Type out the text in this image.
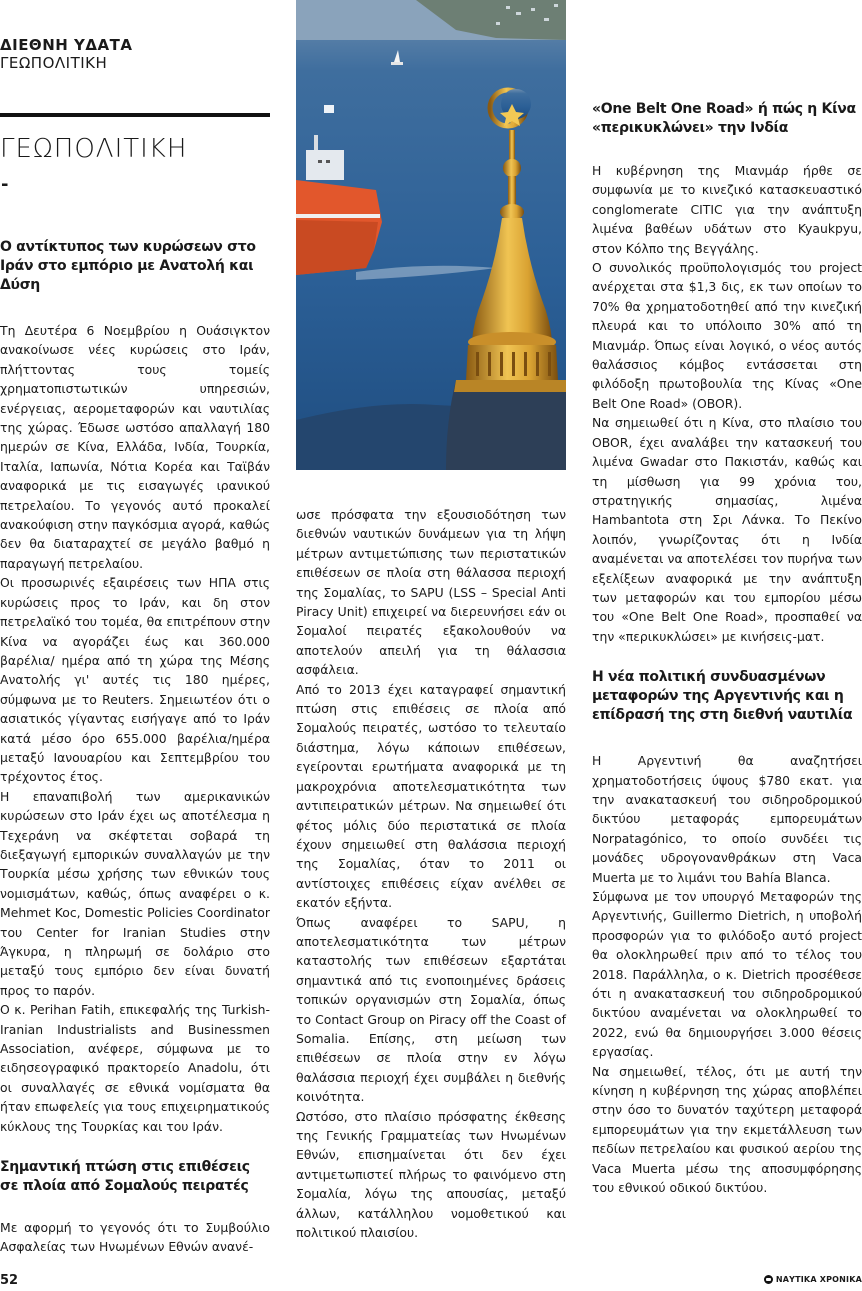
ΔΙΕΘΝΗ ΥΔΑΤΑ
ΓΕΩΠΟΛΙΤΙΚΗ
ΓΕΩΠΟΛΙΤΙΚΗ
-
Ο αντίκτυπος των κυρώσεων στο Ιράν στο εμπόριο με Ανατολή και Δύση

Τη Δευτέρα 6 Νοεμβρίου η Ουάσιγκτον ανακοίνωσε νέες κυρώσεις στο Ιράν, πλήττοντας τους τομείς χρηματοπιστωτικών υπηρεσιών, ενέργειας, αερομεταφορών και ναυτιλίας της χώρας. Έδωσε ωστόσο απαλλαγή 180 ημερών σε Κίνα, Ελλάδα, Ινδία, Τουρκία, Ιταλία, Ιαπωνία, Νότια Κορέα και Ταϊβάν αναφορικά με τις εισαγωγές ιρανικού πετρελαίου. Το γεγονός αυτό προκαλεί ανακούφιση στην παγκόσμια αγορά, καθώς δεν θα διαταραχτεί σε μεγάλο βαθμό η παραγωγή πετρελαίου.

Οι προσωρινές εξαιρέσεις των ΗΠΑ στις κυρώσεις προς το Ιράν, και δη στον πετρελαϊκό του τομέα, θα επιτρέπουν στην Κίνα να αγοράζει έως και 360.000 βαρέλια/ ημέρα από τη χώρα της Μέσης Ανατολής γι' αυτές τις 180 ημέρες, σύμφωνα με το Reuters. Σημειωτέον ότι ο ασιατικός γίγαντας εισήγαγε από το Ιράν κατά μέσο όρο 655.000 βαρέλια/ημέρα μεταξύ Ιανουαρίου και Σεπτεμβρίου του τρέχοντος έτος.

Η επαναπιβολή των αμερικανικών κυρώσεων στο Ιράν έχει ως αποτέλεσμα η Τεχεράνη να σκέφτεται σοβαρά τη διεξαγωγή εμπορικών συναλλαγών με την Τουρκία μέσω χρήσης των εθνικών τους νομισμάτων, καθώς, όπως αναφέρει ο κ. Mehmet Koc, Domestic Policies Coordinator του Center for Iranian Studies στην Άγκυρα, η πληρωμή σε δολάριο στο μεταξύ τους εμπόριο δεν είναι δυνατή προς το παρόν.

Ο κ. Perihan Fatih, επικεφαλής της Turkish-Iranian Industrialists and Businessmen Association, ανέφερε, σύμφωνα με το ειδησεογραφικό πρακτορείο Anadolu, ότι οι συναλλαγές σε εθνικά νομίσματα θα ήταν επωφελείς για τους επιχειρηματικούς κύκλους της Τουρκίας και του Ιράν.

Σημαντική πτώση στις επιθέσεις σε πλοία από Σομαλούς πειρατές

Με αφορμή το γεγονός ότι το Συμβούλιο Ασφαλείας των Ηνωμένων Εθνών ανανέ-

ωσε πρόσφατα την εξουσιοδότηση των διεθνών ναυτικών δυνάμεων για τη λήψη μέτρων αντιμετώπισης των περιστατικών επιθέσεων σε πλοία στη θάλασσα περιοχή της Σομαλίας, το SAPU (LSS – Special Anti Piracy Unit) επιχειρεί να διερευνήσει εάν οι Σομαλοί πειρατές εξακολουθούν να αποτελούν απειλή για τη θάλασσια ασφάλεια.

Από το 2013 έχει καταγραφεί σημαντική πτώση στις επιθέσεις σε πλοία από Σομαλούς πειρατές, ωστόσο το τελευταίο διάστημα, λόγω κάποιων επιθέσεων, εγείρονται ερωτήματα αναφορικά με τη μακροχρόνια αποτελεσματικότητα των αντιπειρατικών μέτρων. Να σημειωθεί ότι φέτος μόλις δύο περιστατικά σε πλοία έχουν σημειωθεί στη θαλάσσια περιοχή της Σομαλίας, όταν το 2011 οι αντίστοιχες επιθέσεις είχαν ανέλθει σε εκατόν εξήντα.

Όπως αναφέρει το SAPU, η αποτελεσματικότητα των μέτρων καταστολής των επιθέσεων εξαρτάται σημαντικά από τις ενοποιημένες δράσεις τοπικών οργανισμών στη Σομαλία, όπως το Contact Group on Piracy off the Coast of Somalia. Επίσης, στη μείωση των επιθέσεων σε πλοία στην εν λόγω θαλάσσια περιοχή έχει συμβάλει η διεθνής κοινότητα.

Ωστόσο, στο πλαίσιο πρόσφατης έκθεσης της Γενικής Γραμματείας των Ηνωμένων Εθνών, επισημαίνεται ότι δεν έχει αντιμετωπιστεί πλήρως το φαινόμενο στη Σομαλία, λόγω της απουσίας, μεταξύ άλλων, κατάλληλου νομοθετικού και πολιτικού πλαισίου.

«One Belt One Road» ή πώς η Κίνα «περικυκλώνει» την Ινδία

Η κυβέρνηση της Μιανμάρ ήρθε σε συμφωνία με το κινεζικό κατασκευαστικό conglomerate CITIC για την ανάπτυξη λιμένα βαθέων υδάτων στο Kyaukpyu, στον Κόλπο της Βεγγάλης.

Ο συνολικός προϋπολογισμός του project ανέρχεται στα $1,3 δις, εκ των οποίων το 70% θα χρηματοδοτηθεί από την κινεζική πλευρά και το υπόλοιπο 30% από τη Μιανμάρ. Όπως είναι λογικό, ο νέος αυτός θαλάσσιος κόμβος εντάσσεται στη φιλόδοξη πρωτοβουλία της Κίνας «One Belt One Road» (OBOR).

Να σημειωθεί ότι η Κίνα, στο πλαίσιο του OBOR, έχει αναλάβει την κατασκευή του λιμένα Gwadar στο Πακιστάν, καθώς και τη μίσθωση για 99 χρόνια του, στρατηγικής σημασίας, λιμένα Hambantota στη Σρι Λάνκα. Το Πεκίνο λοιπόν, γνωρίζοντας ότι η Ινδία αναμένεται να αποτελέσει τον πυρήνα των εξελίξεων αναφορικά με την ανάπτυξη των μεταφορών και του εμπορίου μέσω του «One Belt One Road», προσπαθεί να την «περικυκλώσει» με κινήσεις-ματ.

Η νέα πολιτική συνδυασμένων μεταφορών της Αργεντινής και η επίδρασή της στη διεθνή ναυτιλία

Η Αργεντινή θα αναζητήσει χρηματοδοτήσεις ύψους $780 εκατ. για την ανακατασκευή του σιδηροδρομικού δικτύου μεταφοράς εμπορευμάτων Norpatagónico, το οποίο συνδέει τις μονάδες υδρογονανθράκων στη Vaca Muerta με το λιμάνι του Bahía Blanca.

Σύμφωνα με τον υπουργό Μεταφορών της Αργεντινής, Guillermo Dietrich, η υποβολή προσφορών για το φιλόδοξο αυτό project θα ολοκληρωθεί πριν από το τέλος του 2018. Παράλληλα, ο κ. Dietrich προσέθεσε ότι η ανακατασκευή του σιδηροδρομικού δικτύου αναμένεται να ολοκληρωθεί το 2022, ενώ θα δημιουργήσει 3.000 θέσεις εργασίας.

Να σημειωθεί, τέλος, ότι με αυτή την κίνηση η κυβέρνηση της χώρας αποβλέπει στην όσο το δυνατόν ταχύτερη μεταφορά εμπορευμάτων για την εκμετάλλευση των πεδίων πετρελαίου και φυσικού αερίου της Vaca Muerta μέσω της αποσυμφόρησης του εθνικού οδικού δικτύου.

52	ΝΑΥΤΙΚΑ ΧΡΟΝΙΚΑ
